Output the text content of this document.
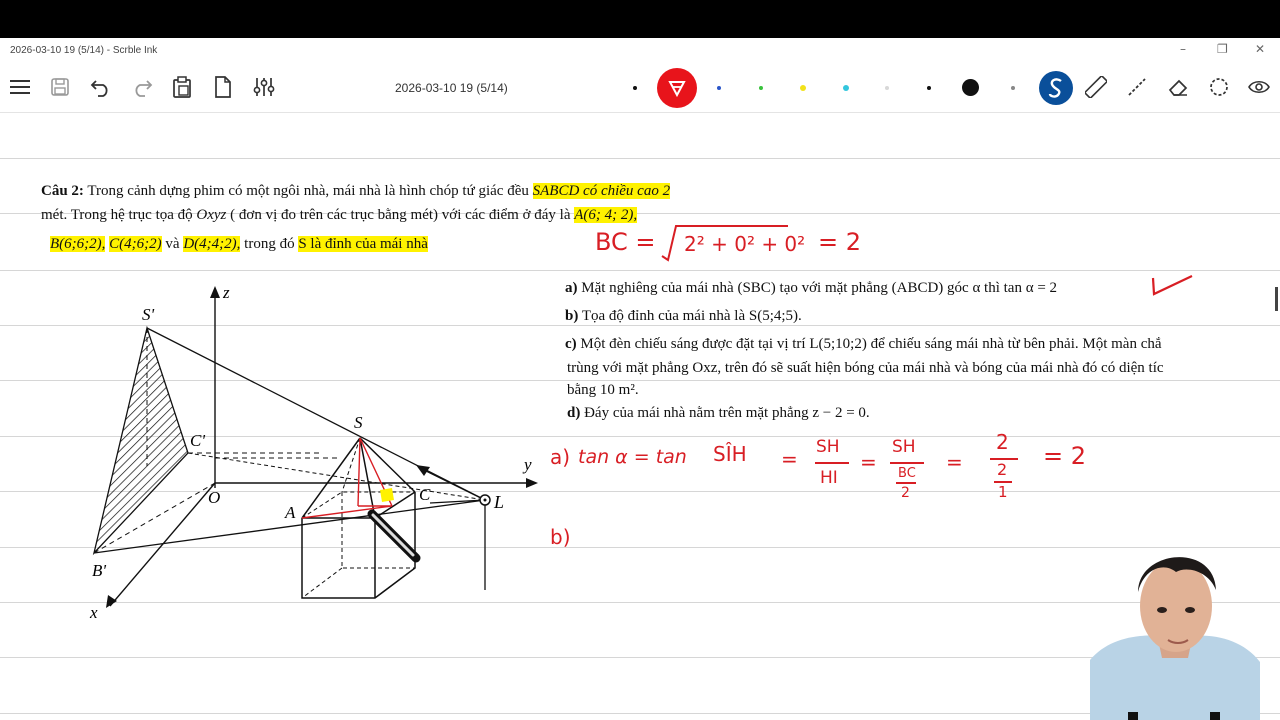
2026-03-10 19 (5/14) - Scrble Ink	–	❐ ✕
2026-03-10 19 (5/14)
Câu 2: Trong cảnh dựng phim có một ngôi nhà, mái nhà là hình chóp tứ giác đều SABCD có chiều cao 2
mét. Trong hệ trục tọa độ Oxyz ( đơn vị đo trên các trục bằng mét) với các điểm ở đáy là A(6; 4; 2),
B(6;6;2), C(4;6;2) và D(4;4;2), trong đó S là đỉnh của mái nhà
a) Mặt nghiêng của mái nhà (SBC) tạo với mặt phẳng (ABCD) góc α thì tan α = 2
b) Tọa độ đỉnh của mái nhà là S(5;4;5).
c) Một đèn chiếu sáng được đặt tại vị trí L(5;10;2) để chiếu sáng mái nhà từ bên phải. Một màn chắ
trùng với mặt phẳng Oxz, trên đó sẽ suất hiện bóng của mái nhà và bóng của mái nhà đó có diện tíc
bằng 10 m².
d) Đáy của mái nhà nằm trên mặt phẳng z − 2 = 0.
S'
C'
B'
O
S
A
C	L
x
y
z
BC = 2² + 0² + 0² = 2
a) tan α = tan SÎH = SH
HI
=
SH
BC
2
=
2
2
1
= 2
b)
